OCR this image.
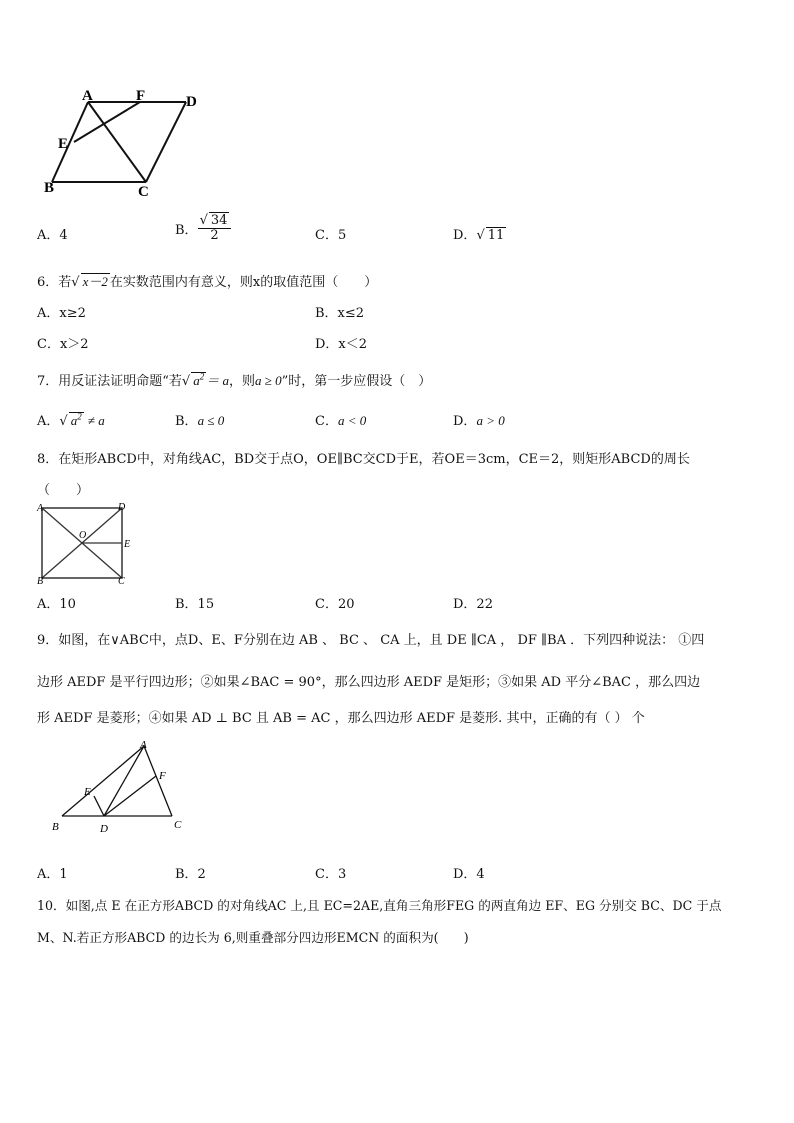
A	F	D
E
B	C
A．4	B． $\frac{√ 34}{2}$	C．5	D．√ 11
6．若√ x－2 在实数范围内有意义，则x的取值范围（　　）
A．x≥2	B．x≤2
C．x＞2	D．x＜2
7．用反证法证明命题“若√ $a^2 = a$，则a ≥ 0”时，第一步应假设（　）
A．√ $a^2 \ne a$	B．a ≤ 0	C．a < 0	D．a > 0
8．在矩形ABCD中，对角线AC，BD交于点O，OE∥BC交CD于E，若OE＝3cm，CE＝2，则矩形ABCD的周长
（　　）
A	D
O
E
B	C
A．10	B．15	C．20	D．22
9．如图，在∨ABC中，点D、E、F分别在边 AB 、 BC 、 CA 上，且 DE ∥CA ， DF ∥BA ．下列四种说法： ①四
边形 AEDF 是平行四边形；②如果∠BAC = 90°，那么四边形 AEDF 是矩形；③如果 AD 平分∠BAC ，那么四边
形 AEDF 是菱形；④如果 AD ⊥ BC 且 AB = AC ，那么四边形 AEDF 是菱形. 其中，正确的有（ ） 个
A
E
F
B	D	C
A．1	B．2	C．3	D．4
10．如图,点 E 在正方形ABCD 的对角线AC 上,且 EC=2AE,直角三角形FEG 的两直角边 EF、EG 分别交 BC、DC 于点
M、N.若正方形ABCD 的边长为 6,则重叠部分四边形EMCN 的面积为(　　)
